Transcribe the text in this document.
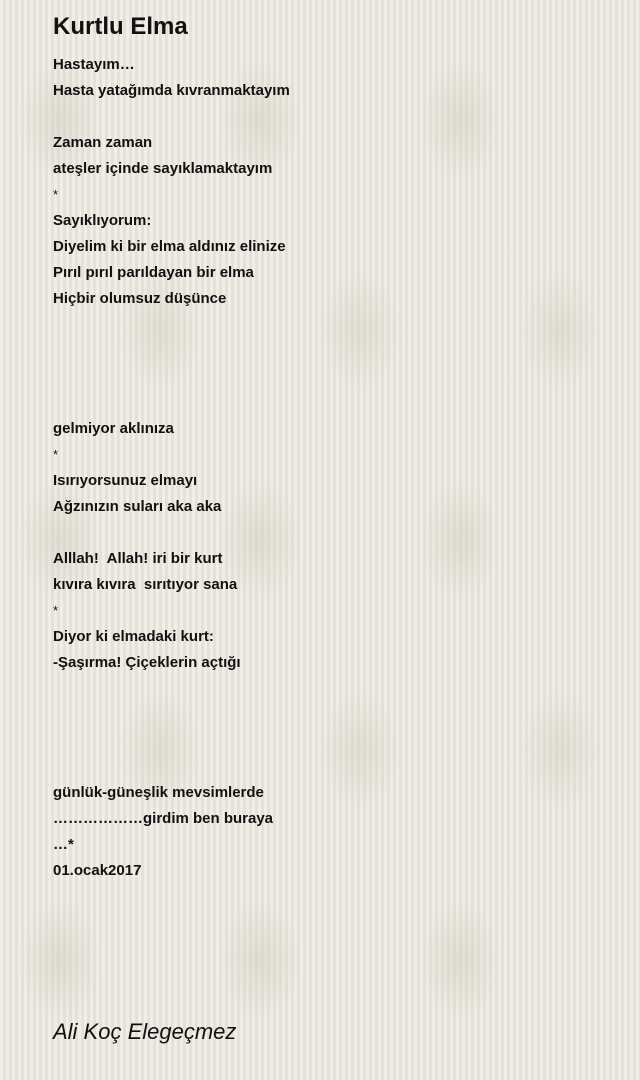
Kurtlu Elma
Hastayım…
Hasta yatağımda kıvranmaktayım
Zaman zaman
ateşler içinde sayıklamaktayım
*
Sayıklıyorum:
Diyelim ki bir elma aldınız elinize
Pırıl pırıl parıldayan bir elma
Hiçbir olumsuz düşünce
gelmiyor aklınıza
*
Isırıyorsunuz elmayı
Ağzınızın suları aka aka
Alllah!  Allah! iri bir kurt
kıvıra kıvıra  sırıtıyor sana
*
Diyor ki elmadaki kurt:
-Şaşırma! Çiçeklerin açtığı
günlük-güneşlik mevsimlerde
………………girdim ben buraya
…*
01.ocak2017

Ali Koç Elegeçmez
